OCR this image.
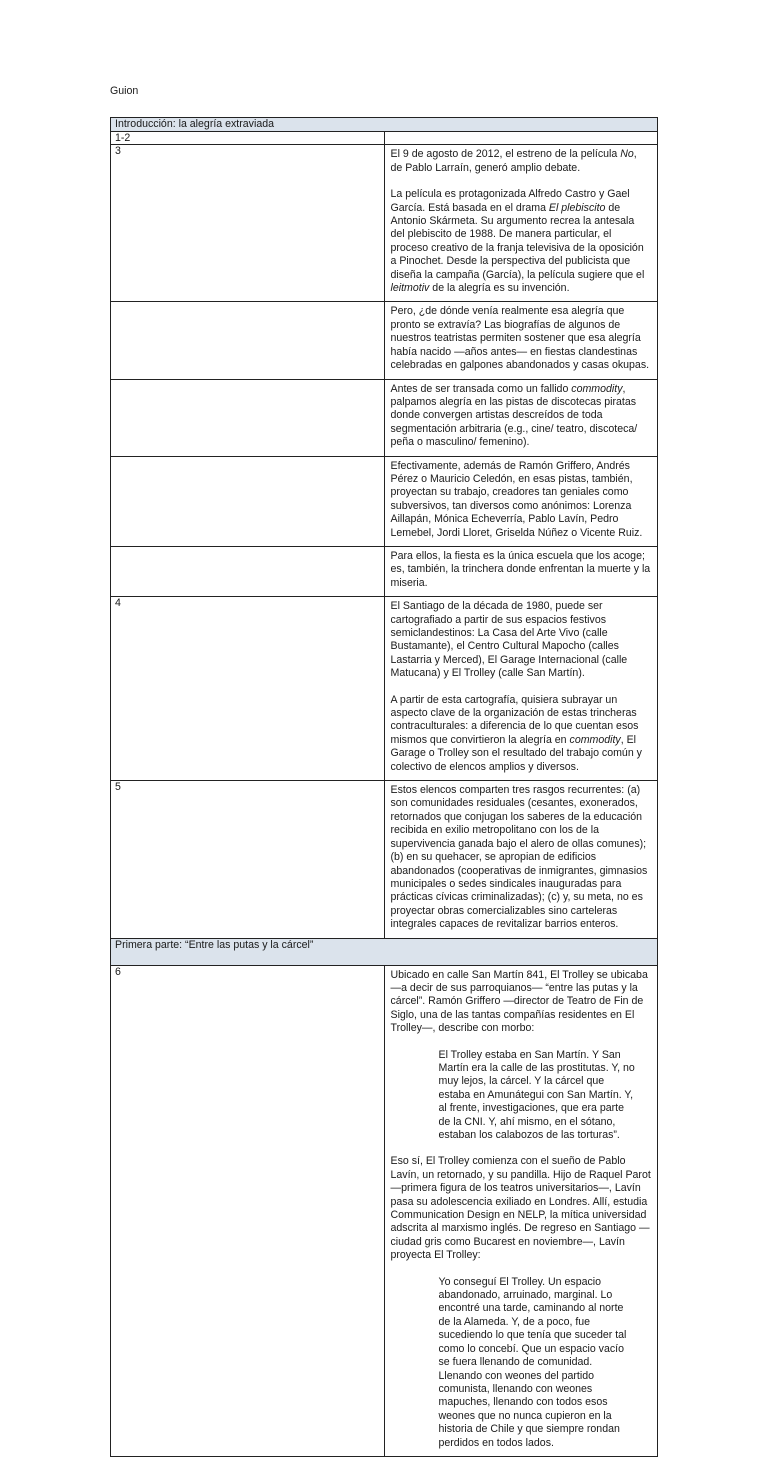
Guion
Introducción: la alegría extraviada	
1-2	
3	El 9 de agosto de 2012, el estreno de la película No, de Pablo Larraín, generó amplio debate.

La película es protagonizada Alfredo Castro y Gael García. Está basada en el drama El plebiscito de Antonio Skármeta. Su argumento recrea la antesala del plebiscito de 1988. De manera particular, el proceso creativo de la franja televisiva de la oposición a Pinochet. Desde la perspectiva del publicista que diseña la campaña (García), la película sugiere que el leitmotiv de la alegría es su invención.

	Pero, ¿de dónde venía realmente esa alegría que pronto se extravía? Las biografías de algunos de nuestros teatristas permiten sostener que esa alegría había nacido —años antes— en fiestas clandestinas celebradas en galpones abandonados y casas okupas.

	Antes de ser transada como un fallido commodity, palpamos alegría en las pistas de discotecas piratas donde convergen artistas descreídos de toda segmentación arbitraria (e.g., cine/ teatro, discoteca/ peña o masculino/ femenino).

	Efectivamente, además de Ramón Griffero, Andrés Pérez o Mauricio Celedón, en esas pistas, también, proyectan su trabajo, creadores tan geniales como subversivos, tan diversos como anónimos: Lorenza Aillapán, Mónica Echeverría, Pablo Lavín, Pedro Lemebel, Jordi Lloret, Griselda Núñez o Vicente Ruiz.

	Para ellos, la fiesta es la única escuela que los acoge; es, también, la trinchera donde enfrentan la muerte y la miseria.

4	El Santiago de la década de 1980, puede ser cartografiado a partir de sus espacios festivos semiclandestinos: La Casa del Arte Vivo (calle Bustamante), el Centro Cultural Mapocho (calles Lastarria y Merced), El Garage Internacional (calle Matucana) y El Trolley (calle San Martín).

A partir de esta cartografía, quisiera subrayar un aspecto clave de la organización de estas trincheras contraculturales: a diferencia de lo que cuentan esos mismos que convirtieron la alegría en commodity, El Garage o Trolley son el resultado del trabajo común y colectivo de elencos amplios y diversos.

5	Estos elencos comparten tres rasgos recurrentes: (a) son comunidades residuales (cesantes, exonerados, retornados que conjugan los saberes de la educación recibida en exilio metropolitano con los de la supervivencia ganada bajo el alero de ollas comunes); (b) en su quehacer, se apropian de edificios abandonados (cooperativas de inmigrantes, gimnasios municipales o sedes sindicales inauguradas para prácticas cívicas criminalizadas); (c) y, su meta, no es proyectar obras comercializables sino carteleras integrales capaces de revitalizar barrios enteros.

Primera parte: “Entre las putas y la cárcel”	
6	Ubicado en calle San Martín 841, El Trolley se ubicaba —a decir de sus parroquianos— “entre las putas y la cárcel”. Ramón Griffero —director de Teatro de Fin de Siglo, una de las tantas compañías residentes en El Trolley—, describe con morbo:

El Trolley estaba en San Martín. Y San Martín era la calle de las prostitutas. Y, no muy lejos, la cárcel. Y la cárcel que estaba en Amunátegui con San Martín. Y, al frente, investigaciones, que era parte de la CNI. Y, ahí mismo, en el sótano, estaban los calabozos de las torturas”.

Eso sí, El Trolley comienza con el sueño de Pablo Lavín, un retornado, y su pandilla. Hijo de Raquel Parot —primera figura de los teatros universitarios—, Lavín pasa su adolescencia exiliado en Londres. Allí, estudia Communication Design en NELP, la mítica universidad adscrita al marxismo inglés. De regreso en Santiago —ciudad gris como Bucarest en noviembre—, Lavín proyecta El Trolley:

Yo conseguí El Trolley. Un espacio abandonado, arruinado, marginal. Lo encontré una tarde, caminando al norte de la Alameda. Y, de a poco, fue sucediendo lo que tenía que suceder tal como lo concebí. Que un espacio vacío se fuera llenando de comunidad. Llenando con weones del partido comunista, llenando con weones mapuches, llenando con todos esos weones que no nunca cupieron en la historia de Chile y que siempre rondan perdidos en todos lados.
